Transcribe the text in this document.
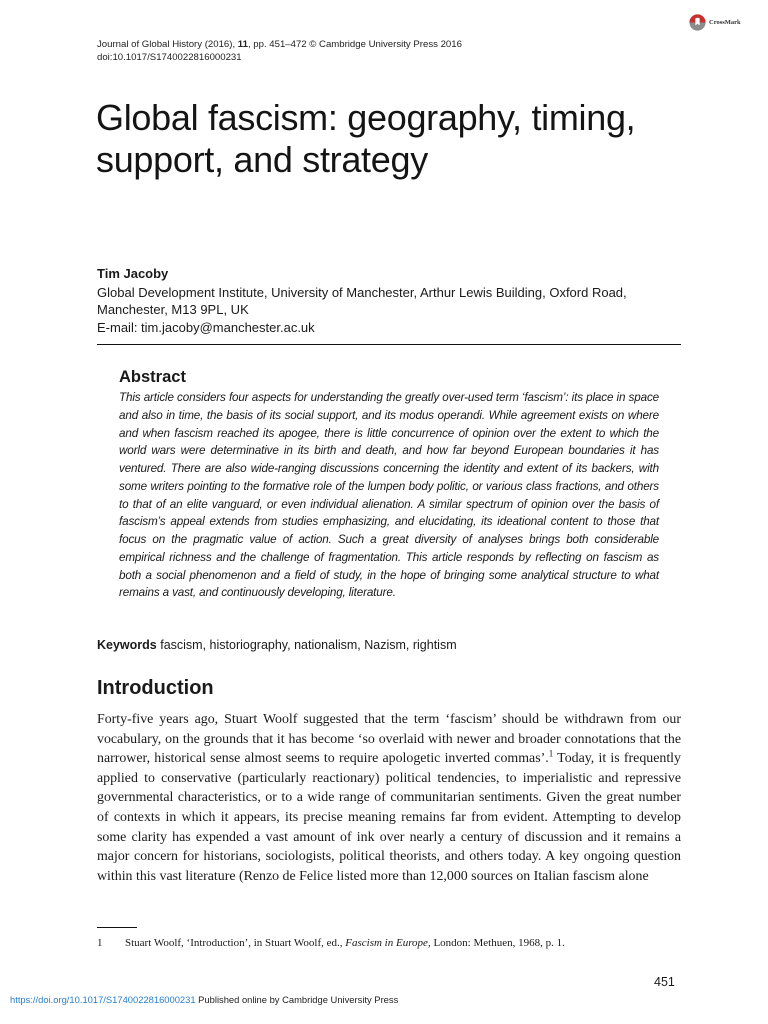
Journal of Global History (2016), 11, pp. 451–472 © Cambridge University Press 2016
doi:10.1017/S1740022816000231
CrossMark
Global fascism: geography, timing, support, and strategy
Tim Jacoby
Global Development Institute, University of Manchester, Arthur Lewis Building, Oxford Road,
Manchester, M13 9PL, UK
E-mail: tim.jacoby@manchester.ac.uk
Abstract

This article considers four aspects for understanding the greatly over-used term ‘fascism’: its place in space and also in time, the basis of its social support, and its modus operandi. While agreement exists on where and when fascism reached its apogee, there is little concurrence of opinion over the extent to which the world wars were determinative in its birth and death, and how far beyond European boundaries it has ventured. There are also wide-ranging discussions concerning the identity and extent of its backers, with some writers pointing to the formative role of the lumpen body politic, or various class fractions, and others to that of an elite vanguard, or even individual alienation. A similar spectrum of opinion over the basis of fascism’s appeal extends from studies emphasizing, and elucidating, its ideational content to those that focus on the pragmatic value of action. Such a great diversity of analyses brings both considerable empirical richness and the challenge of fragmentation. This article responds by reflecting on fascism as both a social phenomenon and a field of study, in the hope of bringing some analytical structure to what remains a vast, and continuously developing, literature.

Keywords fascism, historiography, nationalism, Nazism, rightism
Introduction

Forty-five years ago, Stuart Woolf suggested that the term ‘fascism’ should be withdrawn from our vocabulary, on the grounds that it has become ‘so overlaid with newer and broader connotations that the narrower, historical sense almost seems to require apologetic inverted commas’.$^1$ Today, it is frequently applied to conservative (particularly reactionary) political tendencies, to imperialistic and repressive governmental characteristics, or to a wide range of communitarian sentiments. Given the great number of contexts in which it appears, its precise meaning remains far from evident. Attempting to develop some clarity has expended a vast amount of ink over nearly a century of discussion and it remains a major concern for historians, sociologists, political theorists, and others today. A key ongoing question within this vast literature (Renzo de Felice listed more than 12,000 sources on Italian fascism alone

1 Stuart Woolf, ‘Introduction’, in Stuart Woolf, ed., Fascism in Europe, London: Methuen, 1968, p. 1.
451
https://doi.org/10.1017/S1740022816000231 Published online by Cambridge University Press
